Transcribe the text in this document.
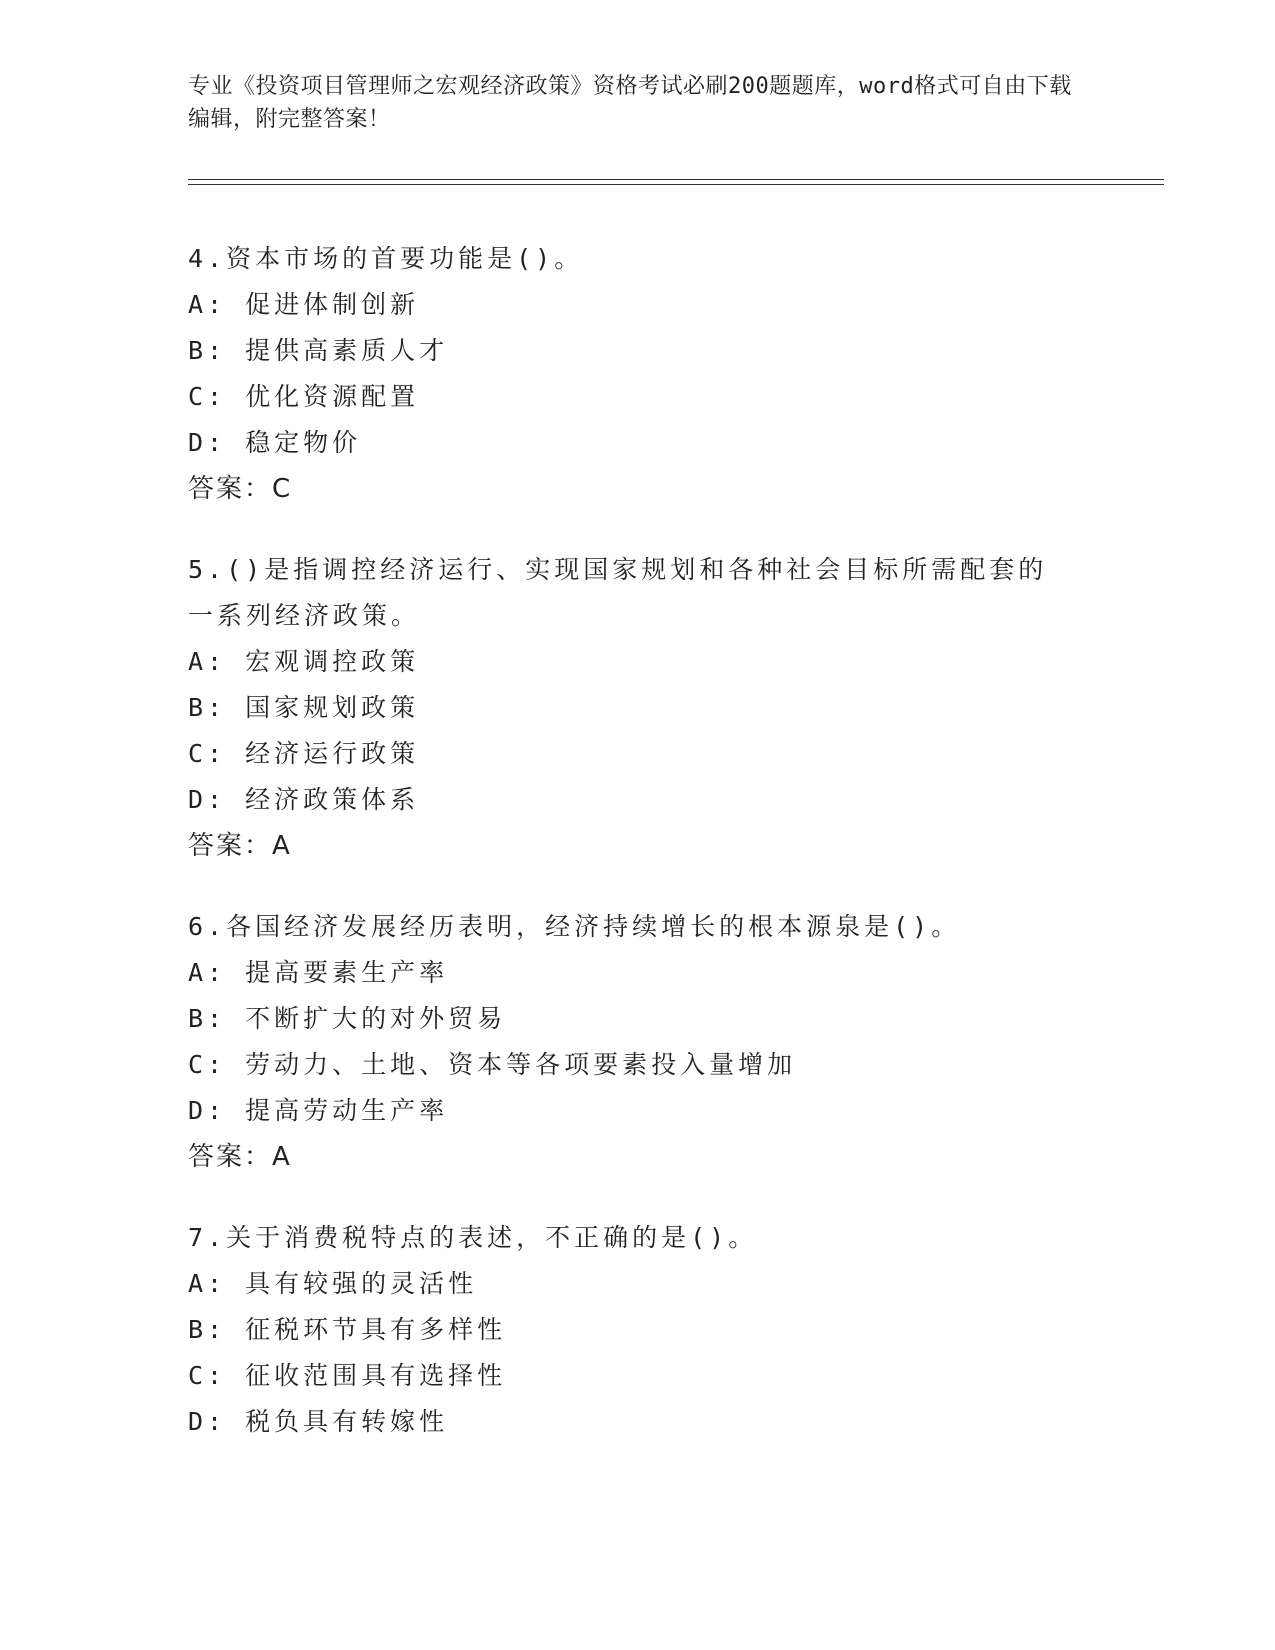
专业《投资项目管理师之宏观经济政策》资格考试必刷200题题库，word格式可自由下载编辑，附完整答案！
4.资本市场的首要功能是()。
A: 促进体制创新
B: 提供高素质人才
C: 优化资源配置
D: 稳定物价
答案：C
5.()是指调控经济运行、实现国家规划和各种社会目标所需配套的一系列经济政策。
A: 宏观调控政策
B: 国家规划政策
C: 经济运行政策
D: 经济政策体系
答案：A
6.各国经济发展经历表明，经济持续增长的根本源泉是()。
A: 提高要素生产率
B: 不断扩大的对外贸易
C: 劳动力、土地、资本等各项要素投入量增加
D: 提高劳动生产率
答案：A
7.关于消费税特点的表述，不正确的是()。
A: 具有较强的灵活性
B: 征税环节具有多样性
C: 征收范围具有选择性
D: 税负具有转嫁性
